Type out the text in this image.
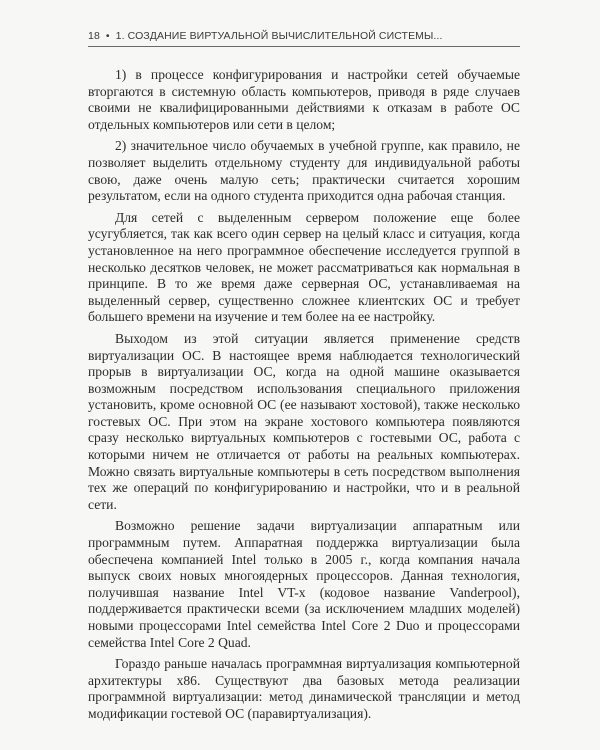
18 • 1. СОЗДАНИЕ ВИРТУАЛЬНОЙ ВЫЧИСЛИТЕЛЬНОЙ СИСТЕМЫ...

1) в процессе конфигурирования и настройки сетей обучаемые вторгаются в системную область компьютеров, приводя в ряде случаев своими не квалифицированными действиями к отказам в работе ОС отдельных компьютеров или сети в целом;

2) значительное число обучаемых в учебной группе, как правило, не позволяет выделить отдельному студенту для индивидуальной работы свою, даже очень малую сеть; практически считается хорошим результатом, если на одного студента приходится одна рабочая станция.

Для сетей с выделенным сервером положение еще более усугубляется, так как всего один сервер на целый класс и ситуация, когда установленное на него программное обеспечение исследуется группой в несколько десятков человек, не может рассматриваться как нормальная в принципе. В то же время даже серверная ОС, устанавливаемая на выделенный сервер, существенно сложнее клиентских ОС и требует большего времени на изучение и тем более на ее настройку.

Выходом из этой ситуации является применение средств виртуализации ОС. В настоящее время наблюдается технологический прорыв в виртуализации ОС, когда на одной машине оказывается возможным посредством использования специального приложения установить, кроме основной ОС (ее называют хостовой), также несколько гостевых ОС. При этом на экране хостового компьютера появляются сразу несколько виртуальных компьютеров с гостевыми ОС, работа с которыми ничем не отличается от работы на реальных компьютерах. Можно связать виртуальные компьютеры в сеть посредством выполнения тех же операций по конфигурированию и настройки, что и в реальной сети.

Возможно решение задачи виртуализации аппаратным или программным путем. Аппаратная поддержка виртуализации была обеспечена компанией Intel только в 2005 г., когда компания начала выпуск своих новых многоядерных процессоров. Данная технология, получившая название Intel VT-x (кодовое название Vanderpool), поддерживается практически всеми (за исключением младших моделей) новыми процессорами Intel семейства Intel Core 2 Duo и процессорами семейства Intel Core 2 Quad.

Гораздо раньше началась программная виртуализация компьютерной архитектуры x86. Существуют два базовых метода реализации программной виртуализации: метод динамической трансляции и метод модификации гостевой ОС (паравиртуализация).
